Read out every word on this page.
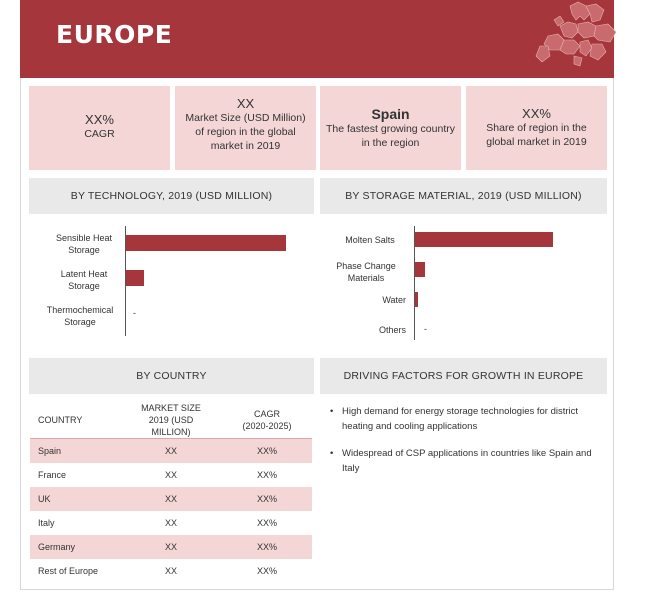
EUROPE
XX%
CAGR
XX
Market Size (USD Million) of region in the global market in 2019
Spain
The fastest growing country in the region
XX%
Share of region in the global market in 2019
BY TECHNOLOGY, 2019 (USD MILLION)	BY STORAGE MATERIAL, 2019 (USD MILLION)
Sensible Heat Storage
Latent Heat Storage
Thermochemical Storage
-
Molten Salts
Phase Change Materials
Water
Others	-
BY COUNTRY	DRIVING FACTORS FOR GROWTH IN EUROPE
COUNTRY	MARKET SIZE 2019 (USD MILLION)	CAGR (2020-2025)
Spain	XX	XX%
France	XX	XX%
UK	XX	XX%
Italy	XX	XX%
Germany	XX	XX%
Rest of Europe	XX	XX%
• High demand for energy storage technologies for district heating and cooling applications
• Widespread of CSP applications in countries like Spain and Italy
